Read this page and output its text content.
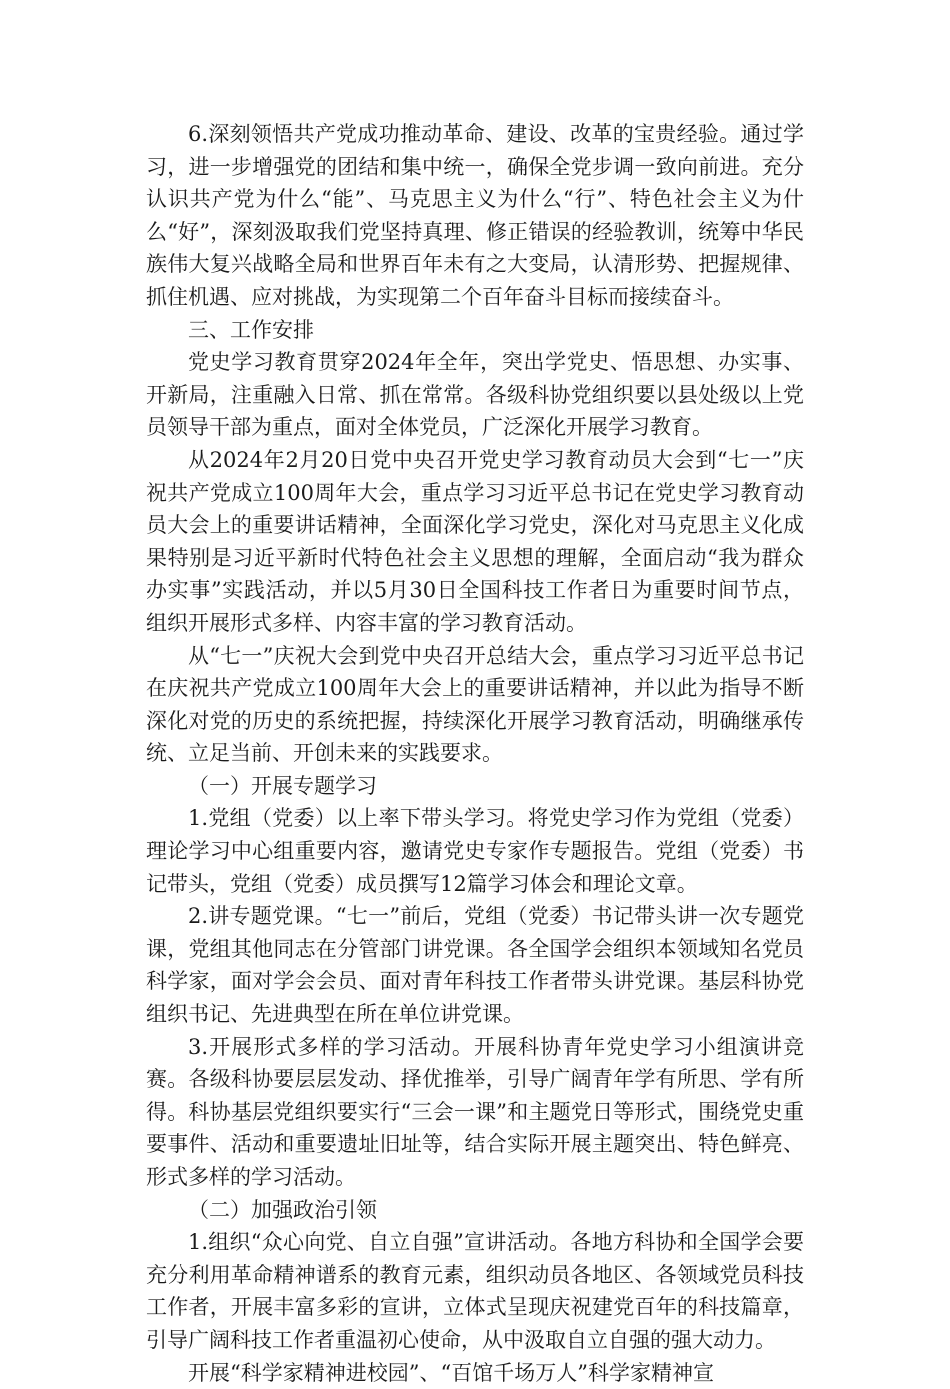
6.深刻领悟共产党成功推动革命、建设、改革的宝贵经验。通过学习，进一步增强党的团结和集中统一，确保全党步调一致向前进。充分认识共产党为什么“能”、马克思主义为什么“行”、特色社会主义为什么“好”，深刻汲取我们党坚持真理、修正错误的经验教训，统筹中华民族伟大复兴战略全局和世界百年未有之大变局，认清形势、把握规律、抓住机遇、应对挑战，为实现第二个百年奋斗目标而接续奋斗。

三、工作安排

党史学习教育贯穿2024年全年，突出学党史、悟思想、办实事、开新局，注重融入日常、抓在常常。各级科协党组织要以县处级以上党员领导干部为重点，面对全体党员，广泛深化开展学习教育。

从2024年2月20日党中央召开党史学习教育动员大会到“七一”庆祝共产党成立100周年大会，重点学习习近平总书记在党史学习教育动员大会上的重要讲话精神，全面深化学习党史，深化对马克思主义化成果特别是习近平新时代特色社会主义思想的理解，全面启动“我为群众办实事”实践活动，并以5月30日全国科技工作者日为重要时间节点，组织开展形式多样、内容丰富的学习教育活动。

从“七一”庆祝大会到党中央召开总结大会，重点学习习近平总书记在庆祝共产党成立100周年大会上的重要讲话精神，并以此为指导不断深化对党的历史的系统把握，持续深化开展学习教育活动，明确继承传统、立足当前、开创未来的实践要求。

（一）开展专题学习

1.党组（党委）以上率下带头学习。将党史学习作为党组（党委）理论学习中心组重要内容，邀请党史专家作专题报告。党组（党委）书记带头，党组（党委）成员撰写12篇学习体会和理论文章。

2.讲专题党课。“七一”前后，党组（党委）书记带头讲一次专题党课，党组其他同志在分管部门讲党课。各全国学会组织本领域知名党员科学家，面对学会会员、面对青年科技工作者带头讲党课。基层科协党组织书记、先进典型在所在单位讲党课。

3.开展形式多样的学习活动。开展科协青年党史学习小组演讲竞赛。各级科协要层层发动、择优推举，引导广阔青年学有所思、学有所得。科协基层党组织要实行“三会一课”和主题党日等形式，围绕党史重要事件、活动和重要遗址旧址等，结合实际开展主题突出、特色鲜亮、形式多样的学习活动。

（二）加强政治引领

1.组织“众心向党、自立自强”宣讲活动。各地方科协和全国学会要充分利用革命精神谱系的教育元素，组织动员各地区、各领域党员科技工作者，开展丰富多彩的宣讲，立体式呈现庆祝建党百年的科技篇章，引导广阔科技工作者重温初心使命，从中汲取自立自强的强大动力。

开展“科学家精神进校园”、“百馆千场万人”科学家精神宣
